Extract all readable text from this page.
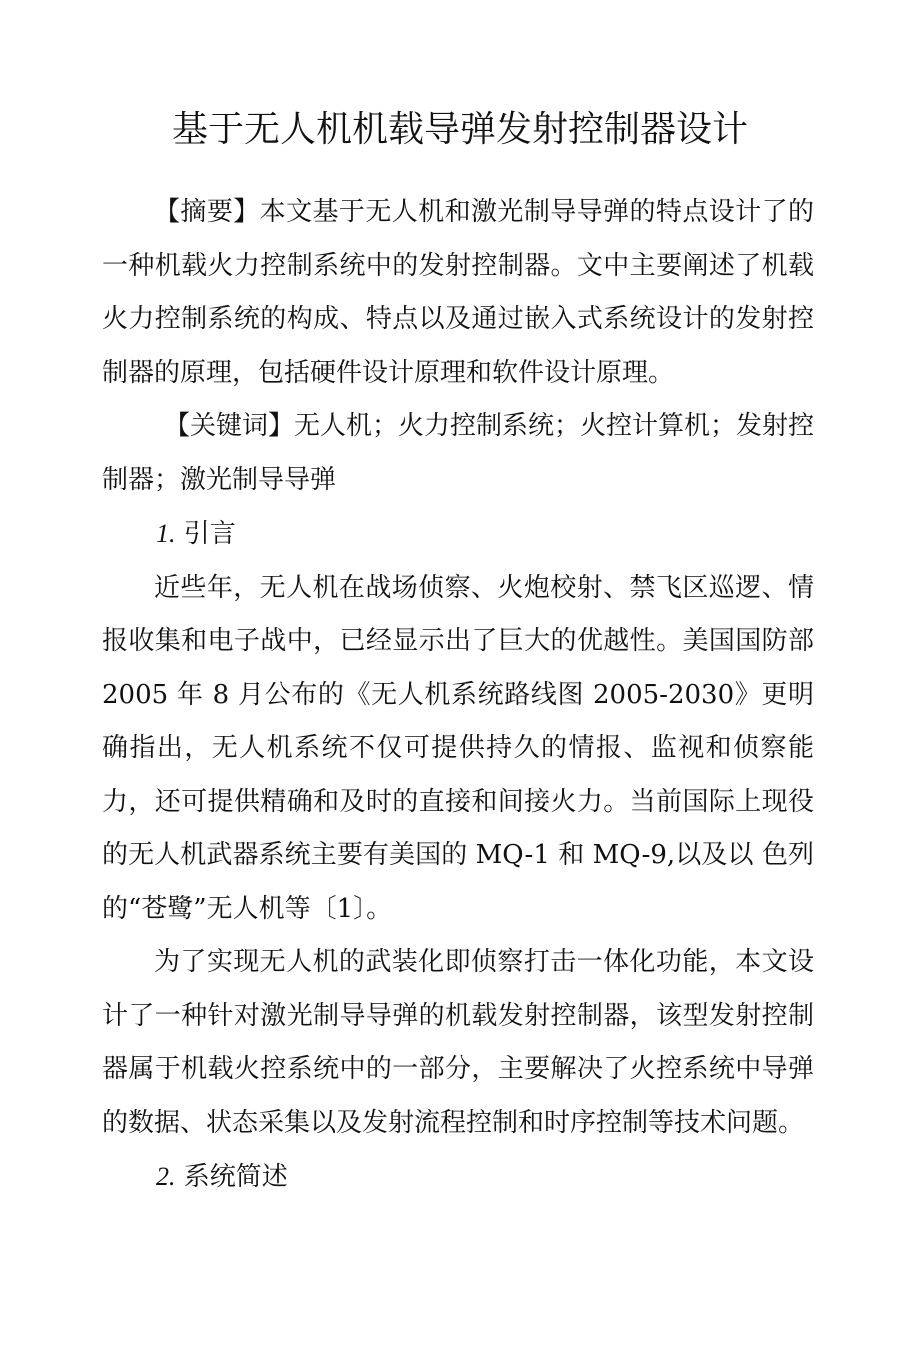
基于无人机机载导弹发射控制器设计

【摘要】本文基于无人机和激光制导导弹的特点设计了的一种机载火力控制系统中的发射控制器。文中主要阐述了机载火力控制系统的构成、特点以及通过嵌入式系统设计的发射控制器的原理，包括硬件设计原理和软件设计原理。

【关键词】无人机；火力控制系统；火控计算机；发射控制器；激光制导导弹

1. 引言

近些年，无人机在战场侦察、火炮校射、禁飞区巡逻、情报收集和电子战中，已经显示出了巨大的优越性。美国国防部 2005 年 8 月公布的《无人机系统路线图 2005-2030》更明确指出，无人机系统不仅可提供持久的情报、监视和侦察能力，还可提供精确和及时的直接和间接火力。当前国际上现役的无人机武器系统主要有美国的 MQ-1 和 MQ-9,以及以 色列的“苍鹭”无人机等〔1〕。

为了实现无人机的武装化即侦察打击一体化功能，本文设计了一种针对激光制导导弹的机载发射控制器，该型发射控制器属于机载火控系统中的一部分，主要解决了火控系统中导弹的数据、状态采集以及发射流程控制和时序控制等技术问题。

2. 系统简述
